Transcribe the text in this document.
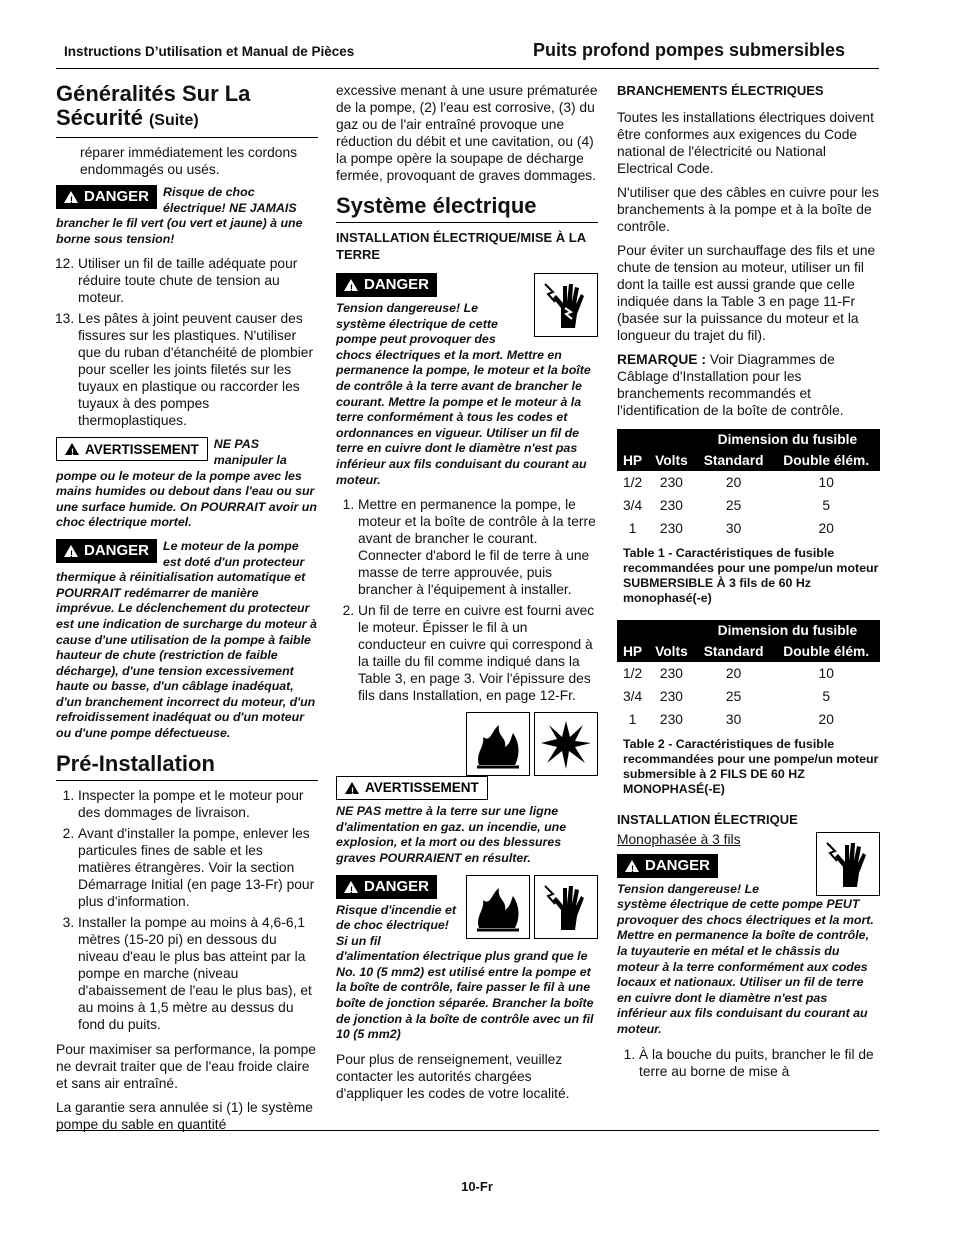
Instructions D’utilisation et Manual de Pièces	Puits profond pompes submersibles
Généralités Sur La Sécurité (Suite)

réparer immédiatement les cordons endommagés ou usés.

! DANGER Risque de choc électrique! NE JAMAIS brancher le fil vert (ou vert et jaune) à une borne sous tension!
12. Utiliser un fil de taille adéquate pour réduire toute chute de tension au moteur.
13. Les pâtes à joint peuvent causer des fissures sur les plastiques. N'utiliser que du ruban d'étanchéité de plombier pour sceller les joints filetés sur les tuyaux en plastique ou raccorder les tuyaux à des pompes thermoplastiques.
! AVERTISSEMENT NE PAS manipuler la pompe ou le moteur de la pompe avec les mains humides ou debout dans l'eau ou sur une surface humide. On POURRAIT avoir un choc électrique mortel.
! DANGER Le moteur de la pompe est doté d'un protecteur thermique à réinitialisation automatique et POURRAIT redémarrer de manière imprévue. Le déclenchement du protecteur est une indication de surcharge du moteur à cause d'une utilisation de la pompe à faible hauteur de chute (restriction de faible décharge), d'une tension excessivement haute ou basse, d'un câblage inadéquat, d'un branchement incorrect du moteur, d'un refroidissement inadéquat ou d'un moteur ou d'une pompe défectueuse.
Pré-Installation
1. Inspecter la pompe et le moteur pour des dommages de livraison.
2. Avant d'installer la pompe, enlever les particules fines de sable et les matières étrangères. Voir la section Démarrage Initial (en page 13-Fr) pour plus d'information.
3. Installer la pompe au moins à 4,6-6,1 mètres (15-20 pi) en dessous du niveau d'eau le plus bas atteint par la pompe en marche (niveau d'abaissement de l'eau le plus bas), et au moins à 1,5 mètre au dessus du fond du puits.

Pour maximiser sa performance, la pompe ne devrait traiter que de l'eau froide claire et sans air entraîné.

La garantie sera annulée si (1) le système pompe du sable en quantité

excessive menant à une usure prématurée de la pompe, (2) l'eau est corrosive, (3) du gaz ou de l'air entraîné provoque une réduction du débit et une cavitation, ou (4) la pompe opère la soupape de décharge fermée, provoquant de graves dommages.

Système électrique
INSTALLATION ÉLECTRIQUE/MISE À LA TERRE
! DANGER
Tension dangereuse! Le système électrique de cette pompe peut provoquer des chocs électriques et la mort. Mettre en permanence la pompe, le moteur et la boîte de contrôle à la terre avant de brancher le courant. Mettre la pompe et le moteur à la terre conformément à tous les codes et ordonnances en vigueur. Utiliser un fil de terre en cuivre dont le diamètre n'est pas inférieur aux fils conduisant du courant au moteur.
1. Mettre en permanence la pompe, le moteur et la boîte de contrôle à la terre avant de brancher le courant. Connecter d'abord le fil de terre à une masse de terre approuvée, puis brancher à l'équipement à installer.
2. Un fil de terre en cuivre est fourni avec le moteur. Épisser le fil à un conducteur en cuivre qui correspond à la taille du fil comme indiqué dans la Table 3, en page 3. Voir l'épissure des fils dans Installation, en page 12-Fr.
! AVERTISSEMENT
NE PAS mettre à la terre sur une ligne d'alimentation en gaz. un incendie, une explosion, et la mort ou des blessures graves POURRAIENT en résulter.
! DANGER
Risque d'incendie et de choc électrique! Si un fil d'alimentation électrique plus grand que le No. 10 (5 mm2) est utilisé entre la pompe et la boîte de contrôle, faire passer le fil à une boîte de jonction séparée. Brancher la boîte de jonction à la boîte de contrôle avec un fil 10 (5 mm2)

Pour plus de renseignement, veuillez contacter les autorités chargées d'appliquer les codes de votre localité.

BRANCHEMENTS ÉLECTRIQUES

Toutes les installations électriques doivent être conformes aux exigences du Code national de l'électricité ou National Electrical Code.

N'utiliser que des câbles en cuivre pour les branchements à la pompe et à la boîte de contrôle.

Pour éviter un surchauffage des fils et une chute de tension au moteur, utiliser un fil dont la taille est aussi grande que celle indiquée dans la Table 3 en page 11-Fr (basée sur la puissance du moteur et la longueur du trajet du fil).

REMARQUE : Voir Diagrammes de Câblage d'Installation pour les branchements recommandés et l'identification de la boîte de contrôle.

		Dimension du fusible	
HP	Volts	Standard	Double élém.
1/2	230	20	10
3/4	230	25	5
1	230	30	20
Table 1 - Caractéristiques de fusible recommandées pour une pompe/un moteur SUBMERSIBLE À 3 fils de 60 Hz monophasé(-e)
		Dimension du fusible	
HP	Volts	Standard	Double élém.
1/2	230	20	10
3/4	230	25	5
1	230	30	20
Table 2 - Caractéristiques de fusible recommandées pour une pompe/un moteur submersible à 2 FILS DE 60 HZ MONOPHASÉ(-E)
INSTALLATION ÉLECTRIQUE
Monophasée à 3 fils
! DANGER
Tension dangereuse! Le système électrique de cette pompe PEUT provoquer des chocs électriques et la mort. Mettre en permanence la boîte de contrôle, la tuyauterie en métal et le châssis du moteur à la terre conformément aux codes locaux et nationaux. Utiliser un fil de terre en cuivre dont le diamètre n'est pas inférieur aux fils conduisant du courant au moteur.
1. À la bouche du puits, brancher le fil de terre au borne de mise à
10-Fr
